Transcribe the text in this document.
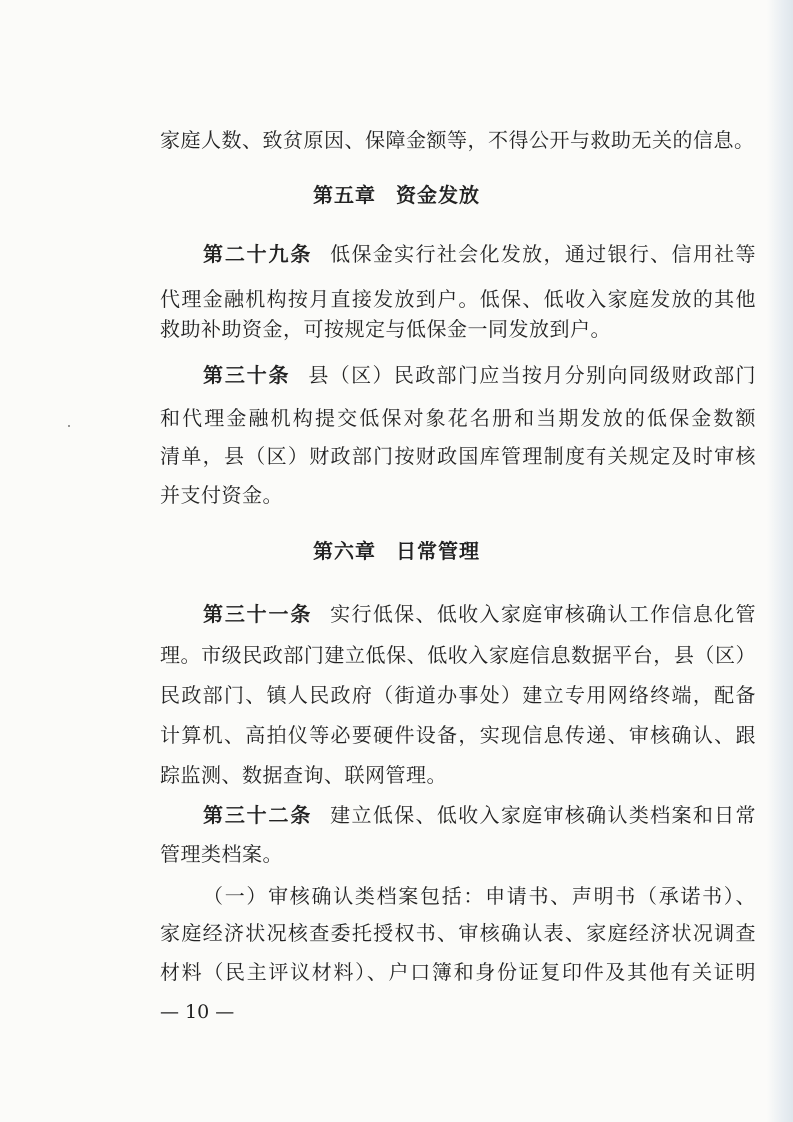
家庭人数、致贫原因、保障金额等，不得公开与救助无关的信息。
第五章 资金发放
第二十九条 低保金实行社会化发放，通过银行、信用社等
代理金融机构按月直接发放到户。低保、低收入家庭发放的其他
救助补助资金，可按规定与低保金一同发放到户。
第三十条 县（区）民政部门应当按月分别向同级财政部门
和代理金融机构提交低保对象花名册和当期发放的低保金数额
清单，县（区）财政部门按财政国库管理制度有关规定及时审核
并支付资金。
第六章 日常管理
第三十一条 实行低保、低收入家庭审核确认工作信息化管
理。市级民政部门建立低保、低收入家庭信息数据平台，县（区）
民政部门、镇人民政府（街道办事处）建立专用网络终端，配备
计算机、高拍仪等必要硬件设备，实现信息传递、审核确认、跟
踪监测、数据查询、联网管理。
第三十二条 建立低保、低收入家庭审核确认类档案和日常
管理类档案。
（一）审核确认类档案包括：申请书、声明书（承诺书）、
家庭经济状况核查委托授权书、审核确认表、家庭经济状况调查
材料（民主评议材料）、户口簿和身份证复印件及其他有关证明
— 10 —
